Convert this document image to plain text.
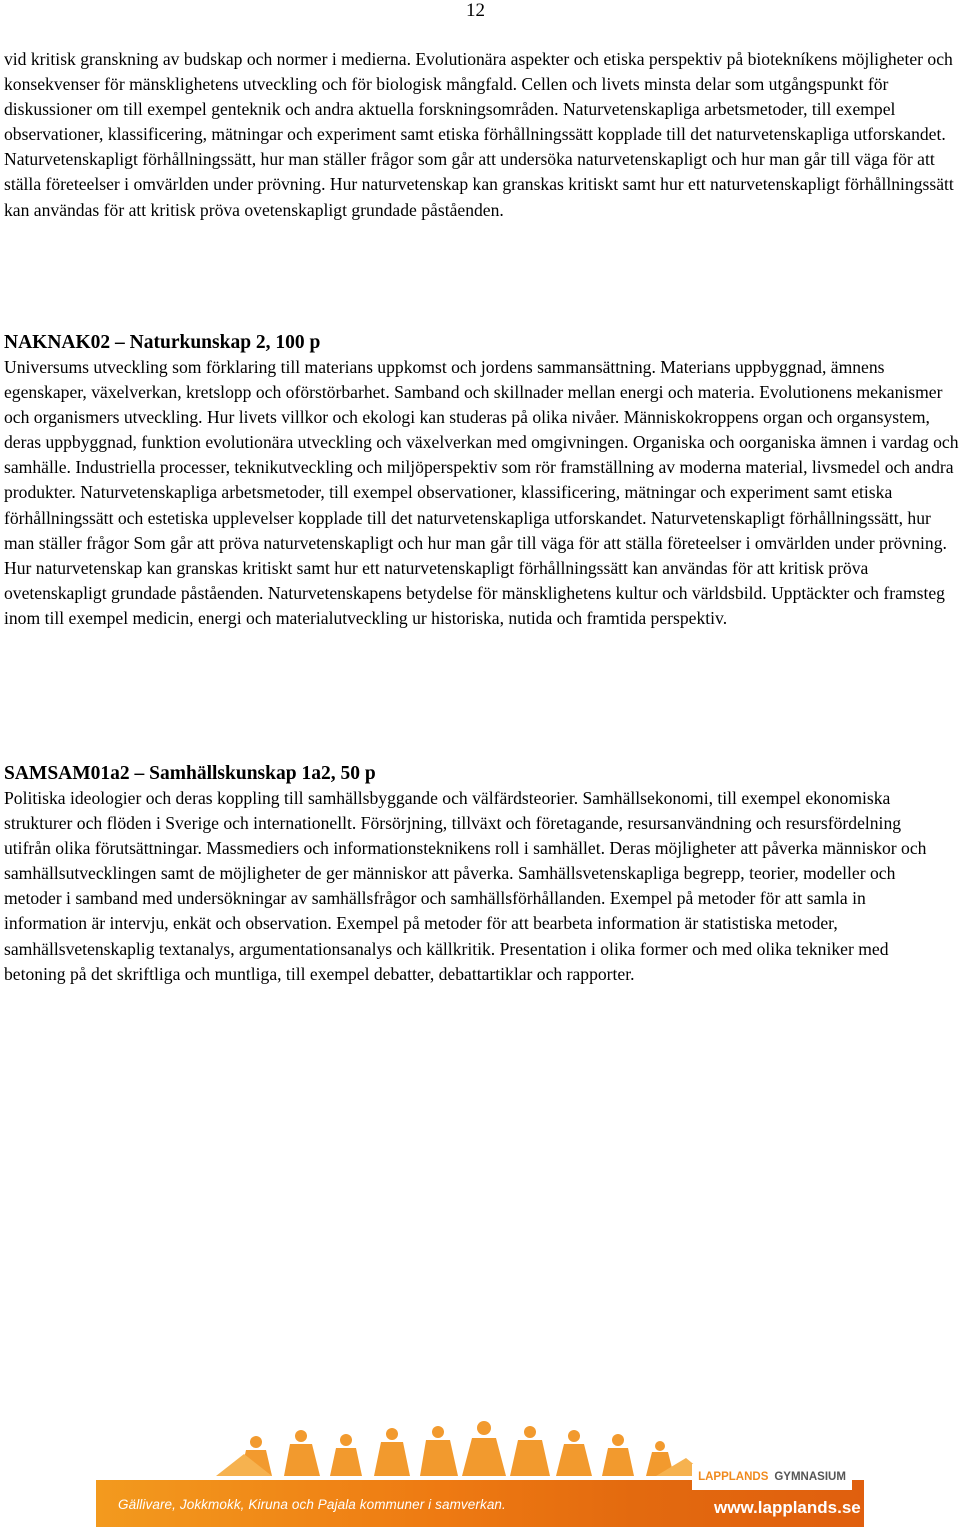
12

vid kritisk granskning av budskap och normer i medierna. Evolutionära aspekter och etiska perspektiv på biotekníkens möjligheter och konsekvenser för mänsklighetens utveckling och för biologisk mångfald. Cellen och livets minsta delar som utgångspunkt för diskussioner om till exempel genteknik och andra aktuella forskningsområden. Naturvetenskapliga arbetsmetoder, till exempel observationer, klassificering, mätningar och experiment samt etiska förhållningssätt kopplade till det naturvetenskapliga utforskandet. Naturvetenskapligt förhållningssätt, hur man ställer frågor som går att undersöka naturvetenskapligt och hur man går till väga för att ställa företeelser i omvärlden under prövning. Hur naturvetenskap kan granskas kritiskt samt hur ett naturvetenskapligt förhållningssätt kan användas för att kritisk pröva ovetenskapligt grundade påståenden.

NAKNAK02 – Naturkunskap 2, 100 p

Universums utveckling som förklaring till materians uppkomst och jordens sammansättning. Materians uppbyggnad, ämnens egenskaper, växelverkan, kretslopp och oförstörbarhet. Samband och skillnader mellan energi och materia. Evolutionens mekanismer och organismers utveckling. Hur livets villkor och ekologi kan studeras på olika nivåer. Människokroppens organ och organsystem, deras uppbyggnad, funktion evolutionära utveckling och växelverkan med omgivningen. Organiska och oorganiska ämnen i vardag och samhälle. Industriella processer, teknikutveckling och miljöperspektiv som rör framställning av moderna material, livsmedel och andra produkter. Naturvetenskapliga arbetsmetoder, till exempel observationer, klassificering, mätningar och experiment samt etiska förhållningssätt och estetiska upplevelser kopplade till det naturvetenskapliga utforskandet. Naturvetenskapligt förhållningssätt, hur man ställer frågor Som går att pröva naturvetenskapligt och hur man går till väga för att ställa företeelser i omvärlden under prövning. Hur naturvetenskap kan granskas kritiskt samt hur ett naturvetenskapligt förhållningssätt kan användas för att kritisk pröva ovetenskapligt grundade påståenden. Naturvetenskapens betydelse för mänsklighetens kultur och världsbild. Upptäckter och framsteg inom till exempel medicin, energi och materialutveckling ur historiska, nutida och framtida perspektiv.

SAMSAM01a2 – Samhällskunskap 1a2, 50 p

Politiska ideologier och deras koppling till samhällsbyggande och välfärdsteorier. Samhällsekonomi, till exempel ekonomiska strukturer och flöden i Sverige och internationellt. Försörjning, tillväxt och företagande, resursanvändning och resursfördelning utifrån olika förutsättningar. Massmediers och informationsteknikens roll i samhället. Deras möjligheter att påverka människor och samhällsutvecklingen samt de möjligheter de ger människor att påverka. Samhällsvetenskapliga begrepp, teorier, modeller och metoder i samband med undersökningar av samhällsfrågor och samhällsförhållanden. Exempel på metoder för att samla in information är intervju, enkät och observation. Exempel på metoder för att bearbeta information är statistiska metoder, samhällsvetenskaplig textanalys, argumentationsanalys och källkritik. Presentation i olika former och med olika tekniker med betoning på det skriftliga och muntliga, till exempel debatter, debattartiklar och rapporter.

LAPPLANDS GYMNASIUM
Gällivare, Jokkmokk, Kiruna och Pajala kommuner i samverkan.	www.lapplands.se
